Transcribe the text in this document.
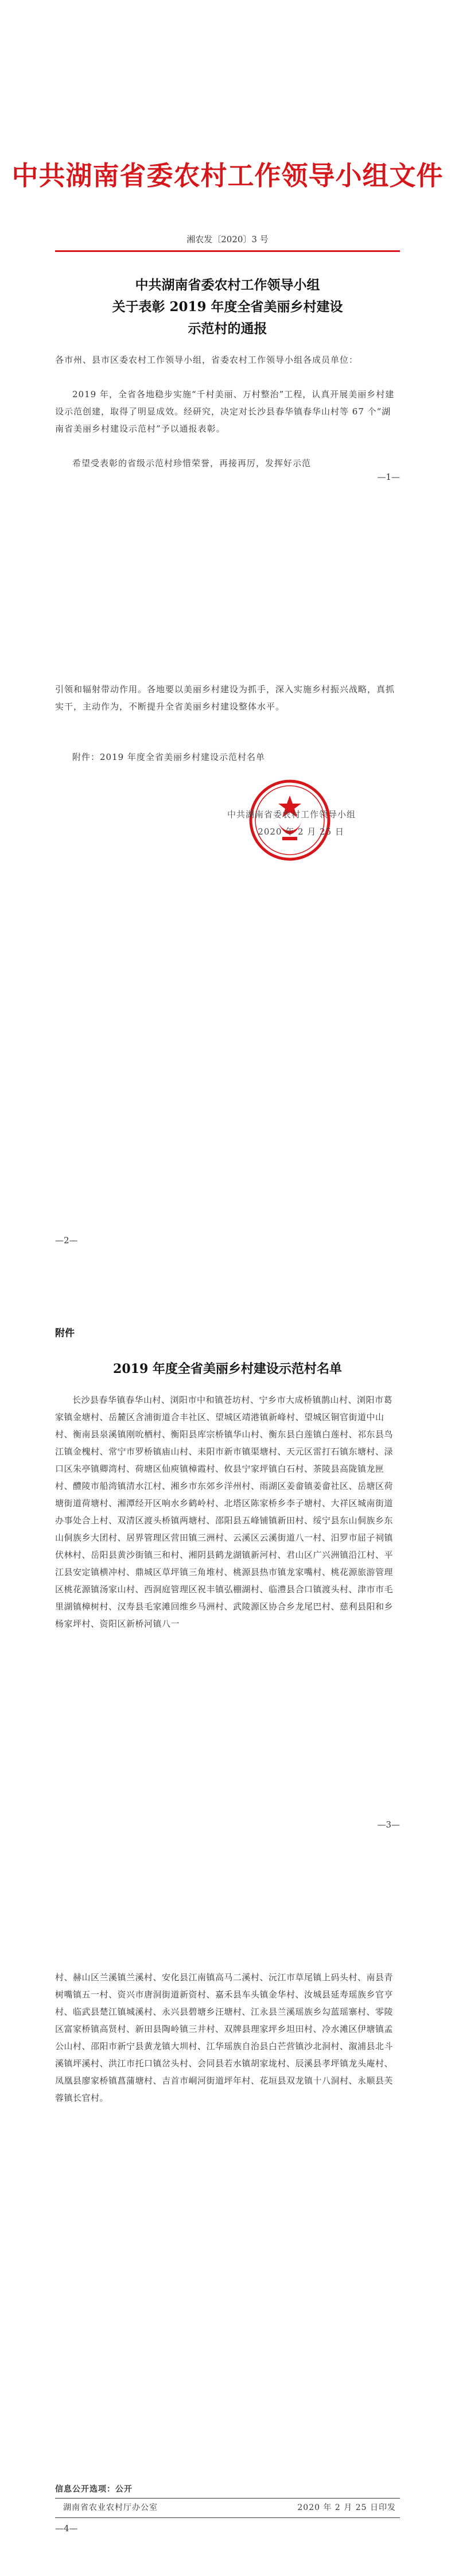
中共湖南省委农村工作领导小组文件
湘农发〔2020〕3 号
中共湖南省委农村工作领导小组
关于表彰 2019 年度全省美丽乡村建设
示范村的通报
各市州、县市区委农村工作领导小组，省委农村工作领导小组各成员单位：
2019 年，全省各地稳步实施“千村美丽、万村整治”工程，认真开展美丽乡村建设示范创建，取得了明显成效。经研究，决定对长沙县春华镇春华山村等 67 个“湖南省美丽乡村建设示范村”予以通报表彰。
希望受表彰的省级示范村珍惜荣誉，再接再厉，发挥好示范
—1—
引领和辐射带动作用。各地要以美丽乡村建设为抓手，深入实施乡村振兴战略，真抓实干，主动作为，不断提升全省美丽乡村建设整体水平。
附件：2019 年度全省美丽乡村建设示范村名单
中共湖南省委农村工作领导小组
2020 年 2 月 25 日
—2—
附件
2019 年度全省美丽乡村建设示范村名单
长沙县春华镇春华山村、浏阳市中和镇苍坊村、宁乡市大成桥镇鹊山村、浏阳市葛家镇金塘村、岳麓区含浦街道合丰社区、望城区靖港镇新峰村、望城区铜官街道中山村、衡南县泉溪镇刚吮栖村、衡阳县库宗桥镇华山村、衡东县白莲镇白莲村、祁东县鸟江镇金槐村、常宁市罗桥镇庙山村、耒阳市新市镇渠塘村、天元区雷打石镇东塘村、渌口区朱亭镇卿湾村、荷塘区仙庾镇樟霞村、攸县宁家坪镇白石村、茶陵县高陇镇龙匣村、醴陵市船湾镇清水江村、湘乡市东郊乡洋州村、雨湖区姜畲镇姜畲社区、岳塘区荷塘街道荷塘村、湘潭经开区响水乡鹤岭村、北塔区陈家桥乡李子塘村、大祥区城南街道办事处合上村、双清区渡头桥镇两塘村、邵阳县五峰铺镇新田村、绥宁县东山侗族乡东山侗族乡大团村、居界管理区营田镇三洲村、云溪区云溪街道八一村、汨罗市屈子祠镇伏林村、岳阳县黄沙街镇三和村、湘阴县鹤龙湖镇新河村、君山区广兴洲镇沿江村、平江县安定镇横冲村、鼎城区草坪镇三角堆村、桃源县热市镇龙家嘴村、桃花源旅游管理区桃花源镇汤家山村、西洞庭管理区祝丰镇弘棚湖村、临澧县合口镇渡头村、津市市毛里湖镇樟树村、汉寿县毛家滩回维乡马洲村、武陵源区协合乡龙尾巴村、慈利县阳和乡杨家坪村、资阳区新桥河镇八一
—3—
村、赫山区兰溪镇兰溪村、安化县江南镇高马二溪村、沅江市草尾镇上码头村、南县青树嘴镇五一村、资兴市唐洞街道新资村、嘉禾县车头镇金华村、汝城县延寿瑶族乡官亨村、临武县楚江镇城溪村、永兴县碧塘乡汪塘村、江永县兰溪瑶族乡勾蓝瑶寨村、零陵区富家桥镇高贤村、新田县陶岭镇三井村、双牌县理家坪乡坦田村、冷水滩区伊塘镇孟公山村、邵阳市新宁县黄龙镇大圳村、江华瑶族自治县白芒营镇沙北洞村、溆浦县北斗溪镇坪溪村、洪江市托口镇岔头村、会同县若水镇胡家垅村、辰溪县孝坪镇龙头庵村、凤凰县廖家桥镇菖蒲塘村、吉首市峒河街道坪年村、花垣县双龙镇十八洞村、永顺县芙蓉镇长官村。
信息公开选项：公开
湖南省农业农村厅办公室	2020 年 2 月 25 日印发
—4—
